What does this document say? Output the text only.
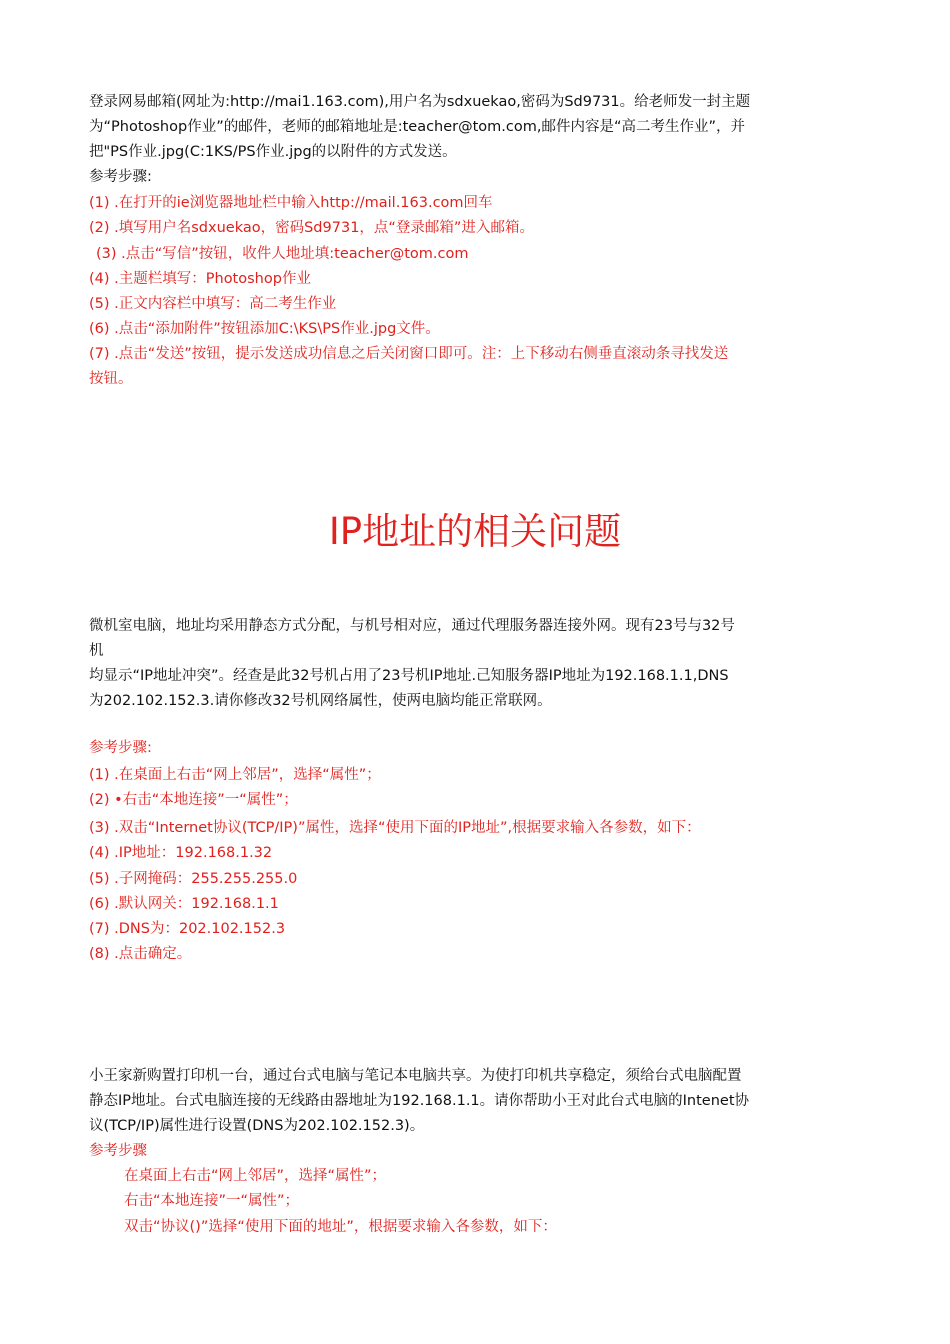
登录网易邮箱(网址为:http://mai1.163.com),用户名为sdxuekao,密码为Sd9731。给老师发一封主题
为“Photoshop作业”的邮件，老师的邮箱地址是:teacher@tom.com,邮件内容是“高二考生作业”，并
把"PS作业.jpg(C:1KS/PS作业.jpg的以附件的方式发送。
参考步骤:
(1) .在打开的ie浏览器地址栏中输入http://mail.163.com回车
(2) .填写用户名sdxuekao，密码Sd9731，点“登录邮箱”进入邮箱。
(3) .点击“写信”按钮，收件人地址填:teacher@tom.com
(4) .主题栏填写：Photoshop作业
(5) .正文内容栏中填写：高二考生作业
(6) .点击“添加附件”按钮添加C:\KS\PS作业.jpg文件。
(7) .点击“发送”按钮，提示发送成功信息之后关闭窗口即可。注：上下移动右侧垂直滚动条寻找发送
按钮。
IP地址的相关问题
微机室电脑，地址均采用静态方式分配，与机号相对应，通过代理服务器连接外网。现有23号与32号
机
均显示“IP地址冲突”。经查是此32号机占用了23号机IP地址.己知服务器IP地址为192.168.1.1,DNS
为202.102.152.3.请你修改32号机网络属性，使两电脑均能正常联网。
参考步骤:
(1) .在桌面上右击“网上邻居”，选择“属性”；
(2) •右击“本地连接”一“属性”；
(3) .双击“Internet协议(TCP/IP)”属性，选择“使用下面的IP地址”,根据要求输入各参数，如下：
(4) .IP地址：192.168.1.32
(5) .子网掩码：255.255.255.0
(6) .默认网关：192.168.1.1
(7) .DNS为：202.102.152.3
(8) .点击确定。
小王家新购置打印机一台，通过台式电脑与笔记本电脑共享。为使打印机共享稳定，须给台式电脑配置
静态IP地址。台式电脑连接的无线路由器地址为192.168.1.1。请你帮助小王对此台式电脑的Intenet协
议(TCP/IP)属性进行设置(DNS为202.102.152.3)。
参考步骤
在桌面上右击“网上邻居”，选择“属性”；
右击“本地连接”一“属性”；
双击“协议()”选择“使用下面的地址”，根据要求输入各参数，如下：
